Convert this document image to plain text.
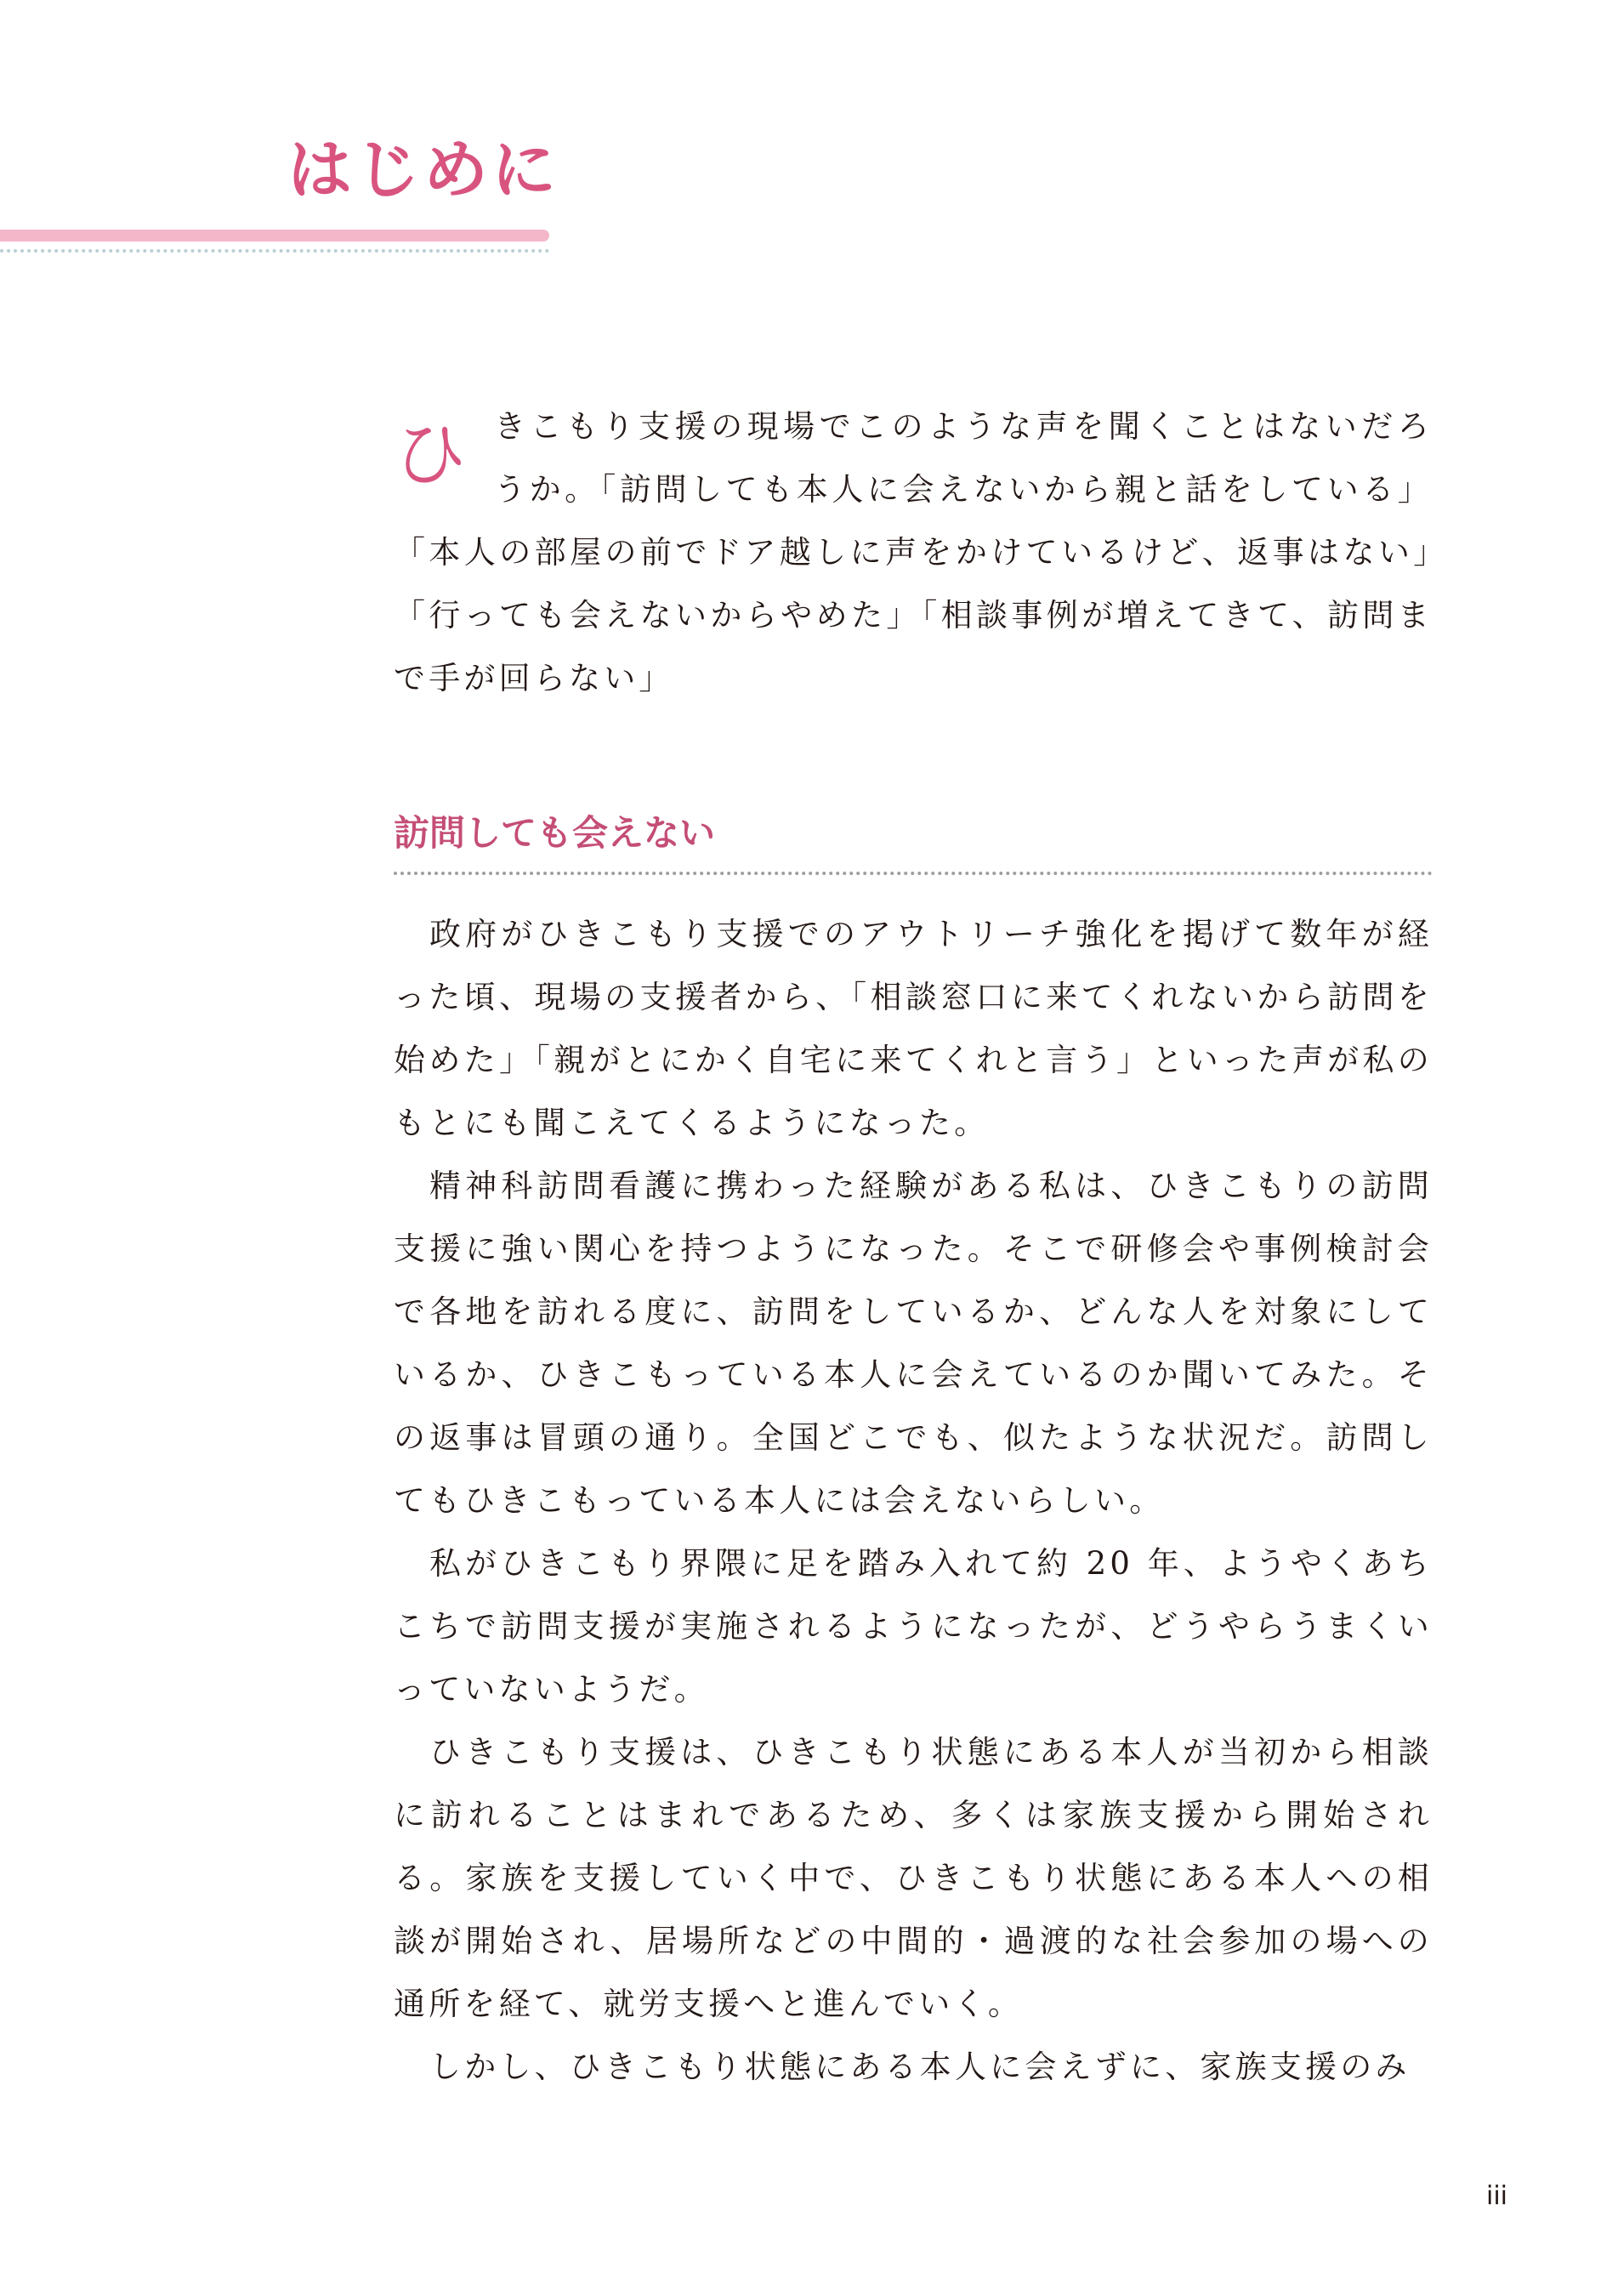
はじめに
ひ きこもり支援の現場でこのような声を聞くことはないだろうか。「訪問しても本人に会えないから親と話をしている」「本人の部屋の前でドア越しに声をかけているけど、返事はない」「行っても会えないからやめた」「相談事例が増えてきて、訪問まで手が回らない」

訪問しても会えない

政府がひきこもり支援でのアウトリーチ強化を掲げて数年が経った頃、現場の支援者から、「相談窓口に来てくれないから訪問を始めた」「親がとにかく自宅に来てくれと言う」といった声が私のもとにも聞こえてくるようになった。

精神科訪問看護に携わった経験がある私は、ひきこもりの訪問支援に強い関心を持つようになった。そこで研修会や事例検討会で各地を訪れる度に、訪問をしているか、どんな人を対象にしているか、ひきこもっている本人に会えているのか聞いてみた。その返事は冒頭の通り。全国どこでも、似たような状況だ。訪問してもひきこもっている本人には会えないらしい。

私がひきこもり界隈に足を踏み入れて約 20 年、ようやくあちこちで訪問支援が実施されるようになったが、どうやらうまくいっていないようだ。

ひきこもり支援は、ひきこもり状態にある本人が当初から相談に訪れることはまれであるため、多くは家族支援から開始される。家族を支援していく中で、ひきこもり状態にある本人への相談が開始され、居場所などの中間的・過渡的な社会参加の場への通所を経て、就労支援へと進んでいく。

しかし、ひきこもり状態にある本人に会えずに、家族支援のみ

iii
